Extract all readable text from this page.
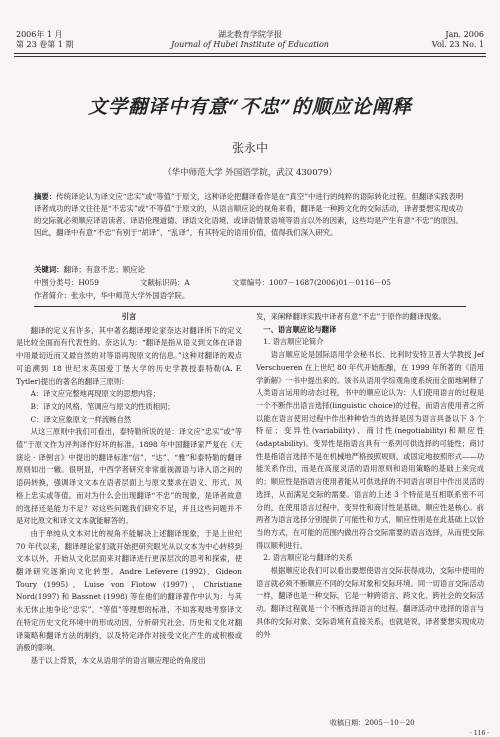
2006年 1 月
第 23 卷第 1 期
湖北教育学院学报
Journal of Hubei Institute of Education
Jan. 2006
Vol. 23 No. 1
文学翻译中有意“不忠”的顺应论阐释
张永中
（华中师范大学 外国语学院，武汉 430079）
摘要：传统译论认为译文应“忠实”或“等值”于原文，这种译论把翻译看作是在“真空”中进行的纯粹的语际转化过程。但翻译实践表明译者成功的译文往往是“不忠实”或“不等值”于原文的，从语言顺应论的视角来看，翻译是一种跨文化的交际活动，译者要想实现成功的交际就必须顺应译语读者、译语伦理道德、译语文化语境、或译语情景语境等语言以外的因素，这些均是产生有意“不忠”的原因。因此，翻译中有意“不忠”有别于“胡译”、“乱译”，有其特定的语用价值，值得我们深入研究。
关键词：翻译；有意不忠；顺应论
中图分类号：H059	文献标识码：A	文章编号：1007－1687(2006)01－0116－05
作者简介：张永中，华中师范大学外国语学院。

引言

翻译的定义有许多，其中著名翻译理论家奈达对翻译所下的定义是比较全面而有代表性的。奈达认为：“翻译是指从语义到文体在译语中用最切近而又最自然的对等语再现原文的信息。”这种对翻译的观点可追溯到 18 世纪末英国爱丁堡大学的历史学教授泰特勒(A. F. Tytler)提出的著名的翻译三原则：

A：译文应完整地再现原文的思想内容；

B：译文的风格、笔调应与原文的性质相同；

C：译文应象原文一样流畅自然

从这三原则中我们可看出，泰特勒所说的是：译文应“忠实”或“等值”于原文作为评判译作好坏的标准。1898 年中国翻译家严复在《天演论 · 译例言》中提出的翻译标准“信”、“达”、“雅”和泰特勒的翻译原则如出一辙。很明显，中西学者研究非常重视源语与译入语之间的语码转换，强调译文文本在语者层面上与原文要求在语义、形式、风格上忠实或等值。而对为什么会出现翻译“不忠”的现象，是译者故意的选择还是能力不足？对这些问题我们研究不足，并且这些问题并不是对比原文和译文文本就能解答的。

由于单纯从文本对比的视角不能解决上述翻译现象，于是上世纪 70 年代以来，翻译理论家们就开始把研究眼光从以文本为中心转移到文本以外，开始从文化层面来对翻译进行更深层次的思考和探索，使翻译研究逐渐向文化转型。Andre Lefevere (1992)、Gideon Toury (1995)、Luise von Flotow (1997)、Christiane Nord(1997) 和 Bassnet (1998) 等在他们的翻译著作中认为：与其永无休止地争论“忠实”、“等值”等理想的标准，不如客观地考察译文在特定历史文化环境中的形成动因，分析研究社会、历史和文化对翻译策略和翻译方法的制约，以及特定译作对接受文化产生的或积极或消极的影响。

基于以上背景，本文从语用学的语言顺应理论的角度出

发，来阐释翻译实践中译者有意“不忠”于原作的翻译现象。

一、语言顺应论与翻译

1. 语言顺应论简介

语言顺应论是国际语用学会秘书长、比利时安特卫普大学教授 Jef Verschueren 在上世纪 80 年代开始酝酿，在 1999 年所著的《语用学新解》一书中提出来的。该书从语用学综观角度系统而全面地阐释了人类语言运用的动态过程，书中的顺应论认为：人们使用语言的过程是一个不断作出语言选择(linguistic choice)的过程，而语言使用者之所以能在语言使用过程中作出种种恰当的选择是因为语言具备以下 3 个特征；变异性(variability)、商讨性(negotiability)和顺应性(adaptability)。变异性是指语言具有一系列可供选择的可能性；商讨性是指语言选择不是在机械地严格按照规则，或固定地按照形式——功能关系作出，而是在高度灵活的语用原则和语用策略的基础上来完成的；顺应性是指语言使用者能从可供选择的不同语言项目中作出灵活的选择，从而满足交际的需要。语言的上述 3 个特征是互相联系密不可分的，在使用语言过程中，变异性和商讨性是基础，顺应性是核心。前两者为语言选择分别提供了可能性和方式，顺应性则是在此基础上以恰当的方式，在可能的范围内做出符合交际需要的语言选择，从而使交际得以顺利进行。

2. 语言顺应论与翻译的关系

根据顺应论我们可以看出要想使语言交际获得成功，交际中使用的语言就必须不断顺应不同的交际对象和交际环境。同一切语言交际活动一样，翻译也是一种交际，它是一种跨语言、跨文化、跨社会的交际活动。翻译过程就是一个不断选择语言的过程。翻译活动中选择的语言与具体的交际对象、交际语境有直接关系，也就是说，译者要想实现成功的外

收稿日期：2005－10－20
· 116 ·
